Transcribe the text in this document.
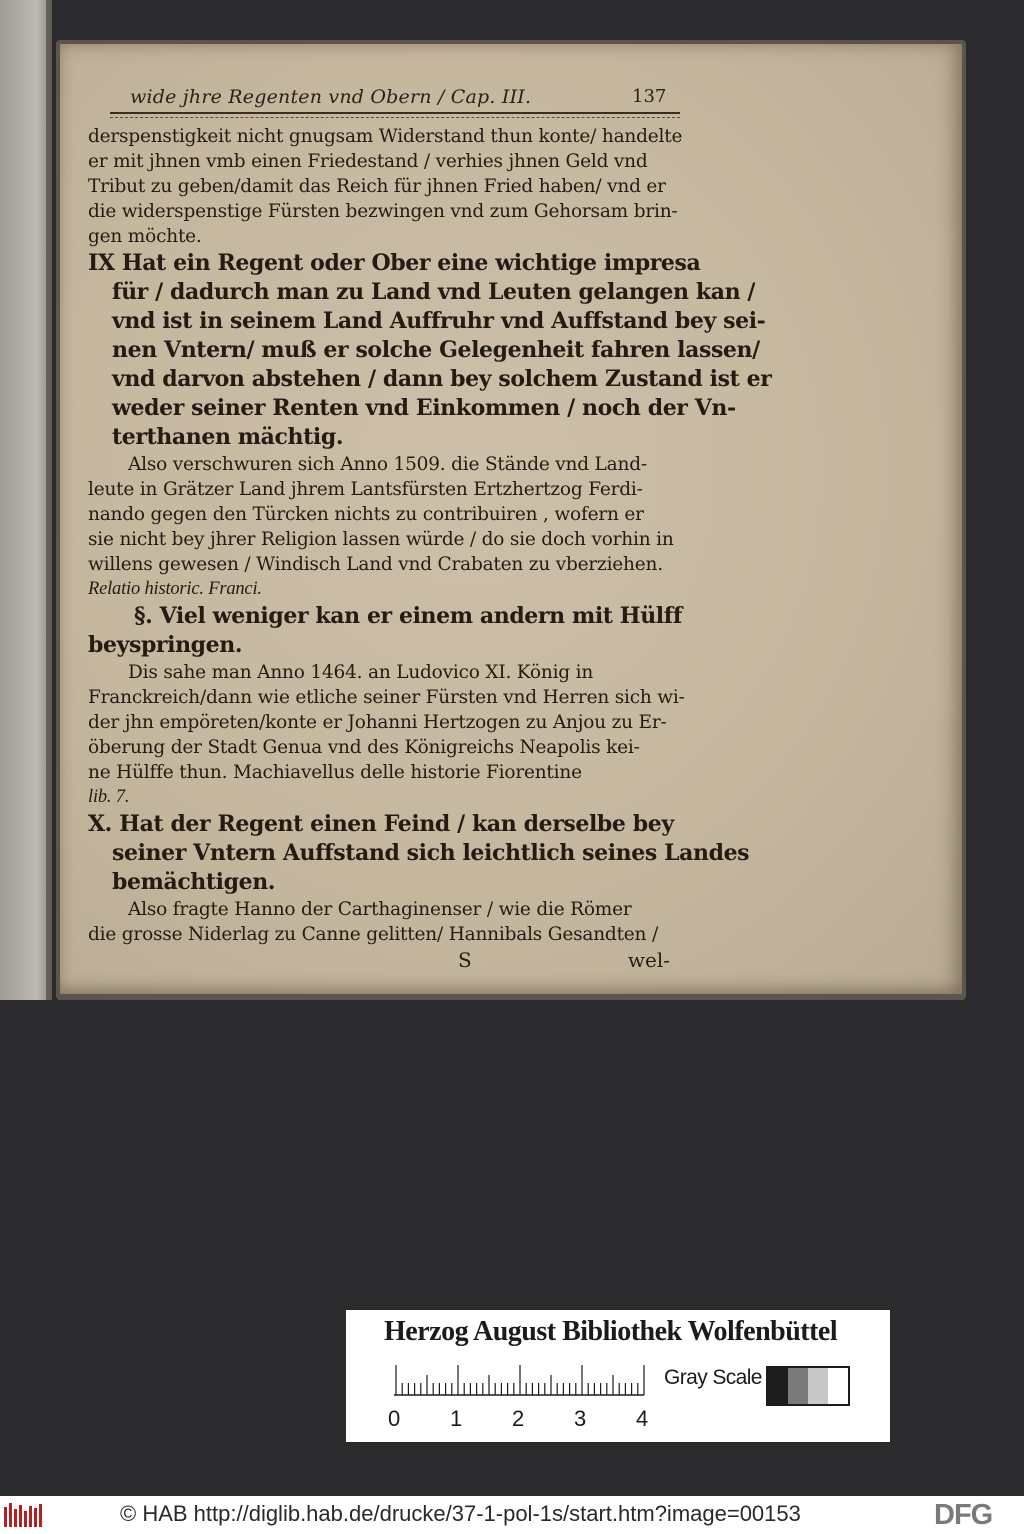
wide jhre Regenten vnd Obern / Cap. III.	137
derspenstigkeit nicht gnugsam Widerstand thun konte/ handelte
er mit jhnen vmb einen Friedestand / verhies jhnen Geld vnd
Tribut zu geben/damit das Reich für jhnen Fried haben/ vnd er
die widerspenstige Fürsten bezwingen vnd zum Gehorsam brin-
gen möchte.
IX Hat ein Regent oder Ober eine wichtige impresa
für / dadurch man zu Land vnd Leuten gelangen kan /
vnd ist in seinem Land Auffruhr vnd Auffstand bey sei-
nen Vntern/ muß er solche Gelegenheit fahren lassen/
vnd darvon abstehen / dann bey solchem Zustand ist er
weder seiner Renten vnd Einkommen / noch der Vn-
terthanen mächtig.
Also verschwuren sich Anno 1509. die Stände vnd Land-
leute in Grätzer Land jhrem Lantsfürsten Ertzhertzog Ferdi-
nando gegen den Türcken nichts zu contribuiren , wofern er
sie nicht bey jhrer Religion lassen würde / do sie doch vorhin in
willens gewesen / Windisch Land vnd Crabaten zu vberziehen.
Relatio historic. Franci.
§. Viel weniger kan er einem andern mit Hülff
beyspringen.
Dis sahe man Anno 1464. an Ludovico XI. König in
Franckreich/dann wie etliche seiner Fürsten vnd Herren sich wi-
der jhn empöreten/konte er Johanni Hertzogen zu Anjou zu Er-
öberung der Stadt Genua vnd des Königreichs Neapolis kei-
ne Hülffe thun. Machiavellus delle historie Fiorentine
lib. 7.
X. Hat der Regent einen Feind / kan derselbe bey
seiner Vntern Auffstand sich leichtlich seines Landes
bemächtigen.
Also fragte Hanno der Carthaginenser / wie die Römer
die grosse Niderlag zu Canne gelitten/ Hannibals Gesandten /
S	wel-
Herzog August Bibliothek Wolfenbüttel
0 1 2 3 4
Gray Scale
© HAB http://diglib.hab.de/drucke/37-1-pol-1s/start.htm?image=00153	DFG
